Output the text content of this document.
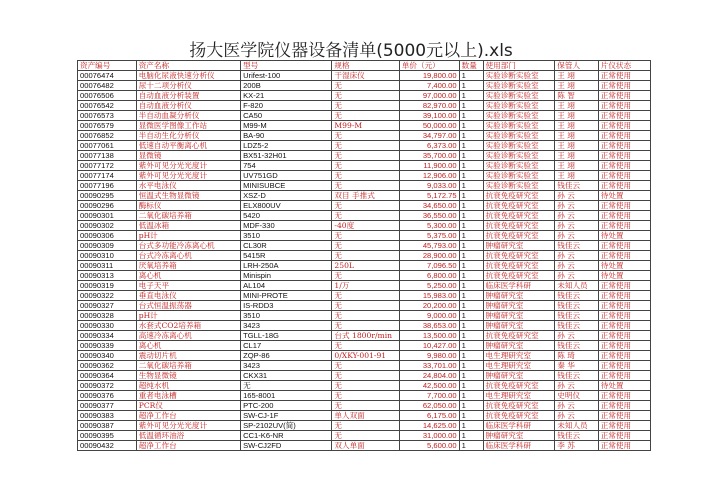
扬大医学院仪器设备清单(5000元以上).xls
资产编号	资产名称	型号	规格	单价（元）	数量	使用部门	保管人	片仪状态
00076474	电脑化尿液快速分析仪	Urifest-100	干湿床仪	19,800.00	1	实验诊断实验室	王 翊	正常使用
00076482	尿十二项分析仪	200B	无	7,400.00	1	实验诊断实验室	王 翊	正常使用
00076506	自动血液分析装置	KX-21	无	97,000.00	1	实验诊断实验室	陈 智	正常使用
00076542	自动血液分析仪	F-820	无	82,970.00	1	实验诊断实验室	王 翊	正常使用
00076573	半自动血凝分析仪	CA50	无	39,100.00	1	实验诊断实验室	王 翊	正常使用
00076579	显微医学图像工作站	M99-M	M99-M	50,000.00	1	实验诊断实验室	王 翊	正常使用
00076852	半自动生化分析仪	BA-90	无	34,797.00	1	实验诊断实验室	王 翊	正常使用
00077061	低速自动平衡离心机	LDZ5-2	无	6,373.00	1	实验诊断实验室	王 翊	正常使用
00077138	显微镜	BX51-32H01	无	35,700.00	1	实验诊断实验室	王 翊	正常使用
00077172	紫外可见分光光度计	754	无	11,900.00	1	实验诊断实验室	王 翊	正常使用
00077174	紫外可见分光光度计	UV751GD	无	12,906.00	1	实验诊断实验室	王 翊	正常使用
00077196	水平电泳仪	MINISUBCE	无	9,033.00	1	实验诊断实验室	钱佳云	正常使用
00090295	恒温式生物显微镜	XSZ-D	双目 手推式	5,172.75	1	抗衰免疫研究室	孙 云	待处置
00090296	酶标仪	ELX800UV	无	34,650.00	1	抗衰免疫研究室	孙 云	正常使用
00090301	二氧化碳培养箱	5420	无	36,550.00	1	抗衰免疫研究室	孙 云	正常使用
00090302	低温冰箱	MDF-330	-40度	5,300.00	1	抗衰免疫研究室	孙 云	正常使用
00090306	pH计	3510	无	5,375.00	1	抗衰免疫研究室	孙 云	待处置
00090309	台式多功能冷冻离心机	CL30R	无	45,793.00	1	肿瘤研究室	钱佳云	正常使用
00090310	台式冷冻离心机	5415R	无	28,900.00	1	抗衰免疫研究室	孙 云	正常使用
00090311	厌氧培养箱	LRH-250A	250L	7,096.50	1	抗衰免疫研究室	孙 云	待处置
00090313	离心机	Minispin	无	6,800.00	1	抗衰免疫研究室	孙 云	待处置
00090319	电子天平	AL104	1/万	5,250.00	1	临床医学科研	未知人员	正常使用
00090322	垂直电泳仪	MINI-PROTE	无	15,983.00	1	肿瘤研究室	钱佳云	正常使用
00090327	台式恒温振荡器	IS-RDD3	无	20,200.00	1	肿瘤研究室	钱佳云	正常使用
00090328	pH计	3510	无	9,000.00	1	肿瘤研究室	钱佳云	正常使用
00090330	水套式CO2培养箱	3423	无	38,653.00	1	肿瘤研究室	钱佳云	正常使用
00090334	高速冷冻离心机	TGLL-18G	台式 1800r/min	13,500.00	1	抗衰免疫研究室	孙 云	正常使用
00090339	离心机	CL17	无	10,427.00	1	肿瘤研究室	钱佳云	正常使用
00090340	震动切片机	ZQP-86	0/XKY-001-91	9,980.00	1	电生理研究室	陈 琦	正常使用
00090362	二氧化碳培养箱	3423	无	33,701.00	1	电生理研究室	秦 华	正常使用
00090364	生物显微镜	CKX31	无	24,804.00	1	肿瘤研究室	钱佳云	正常使用
00090372	超纯水机	无	无	42,500.00	1	抗衰免疫研究室	孙 云	待处置
00090376	重者电泳槽	165-8001	无	7,700.00	1	电生理研究室	史明仪	正常使用
00090377	PCR仪	PTC-200	无	62,050.00	1	抗衰免疫研究室	孙 云	正常使用
00090383	超净工作台	SW-CJ-1F	单人双面	6,175.00	1	抗衰免疫研究室	孙 云	正常使用
00090387	紫外可见分光光度计	SP-2102UV(简)	无	14,625.00	1	临床医学科研	未知人员	正常使用
00090395	低温循环油浴	CC1-K6-NR	无	31,000.00	1	肿瘤研究室	钱佳云	正常使用
00090432	超净工作台	SW-CJ2FD	双人单面	5,600.00	1	临床医学科研	李 苏	正常使用
